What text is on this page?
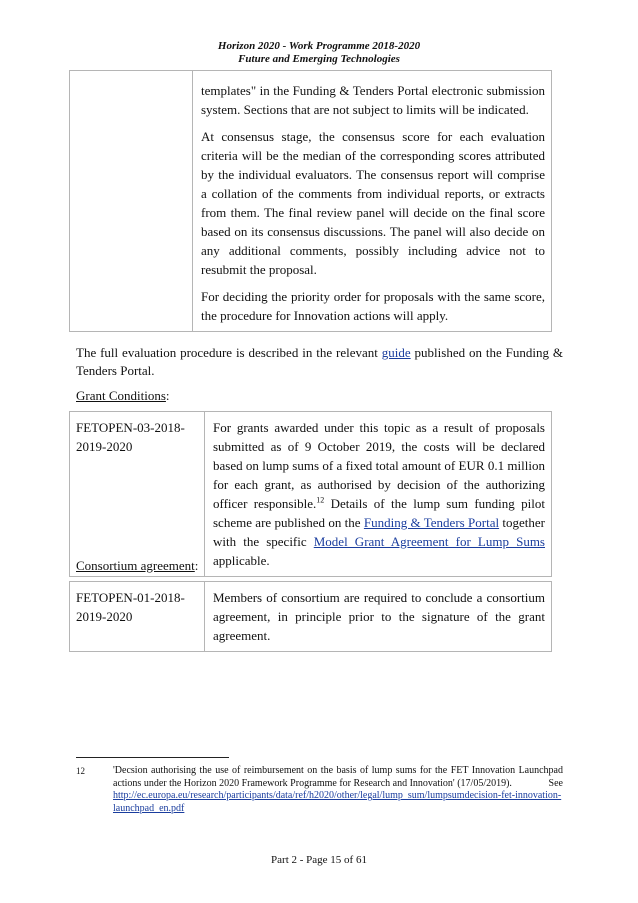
Horizon 2020 - Work Programme 2018-2020
Future and Emerging Technologies

templates" in the Funding & Tenders Portal electronic submission system. Sections that are not subject to limits will be indicated.

At consensus stage, the consensus score for each evaluation criteria will be the median of the corresponding scores attributed by the individual evaluators. The consensus report will comprise a collation of the comments from individual reports, or extracts from them. The final review panel will decide on the final score based on its consensus discussions. The panel will also decide on any additional comments, possibly including advice not to resubmit the proposal.

For deciding the priority order for proposals with the same score, the procedure for Innovation actions will apply.

The full evaluation procedure is described in the relevant guide published on the Funding & Tenders Portal.

Grant Conditions:

FETOPEN-03-2018-2019-2020	For grants awarded under this topic as a result of proposals submitted as of 9 October 2019, the costs will be declared based on lump sums of a fixed total amount of EUR 0.1 million for each grant, as authorised by decision of the authorizing officer responsible.$^{12}$ Details of the lump sum funding pilot scheme are published on the Funding & Tenders Portal together with the specific Model Grant Agreement for Lump Sums applicable.

Consortium agreement:

FETOPEN-01-2018-2019-2020	Members of consortium are required to conclude a consortium agreement, in principle prior to the signature of the grant agreement.
12	'Decsion authorising the use of reimbursement on the basis of lump sums for the FET Innovation Launchpad actions under the Horizon 2020 Framework Programme for Research and Innovation' (17/05/2019).	See
http://ec.europa.eu/research/participants/data/ref/h2020/other/legal/lump_sum/lumpsumdecision-fet-innovation-launchpad_en.pdf
Part 2 - Page 15 of 61
